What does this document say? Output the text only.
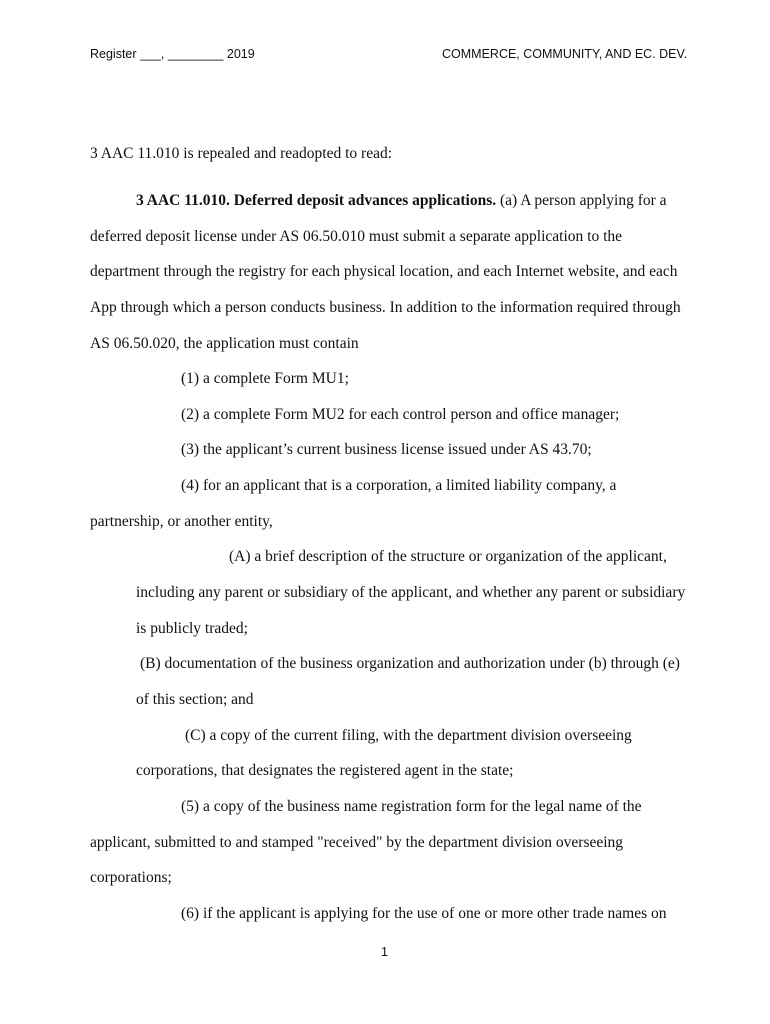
Register ___, ________ 2019	COMMERCE, COMMUNITY, AND EC. DEV.
3 AAC 11.010 is repealed and readopted to read:
3 AAC 11.010. Deferred deposit advances applications. (a) A person applying for a
deferred deposit license under AS 06.50.010 must submit a separate application to the
department through the registry for each physical location, and each Internet website, and each
App through which a person conducts business. In addition to the information required through
AS 06.50.020, the application must contain
(1) a complete Form MU1;
(2) a complete Form MU2 for each control person and office manager;
(3) the applicant’s current business license issued under AS 43.70;
(4) for an applicant that is a corporation, a limited liability company, a
partnership, or another entity,
(A) a brief description of the structure or organization of the applicant,
including any parent or subsidiary of the applicant, and whether any parent or subsidiary
is publicly traded;
(B) documentation of the business organization and authorization under (b) through (e)
of this section; and
(C) a copy of the current filing, with the department division overseeing
corporations, that designates the registered agent in the state;
(5) a copy of the business name registration form for the legal name of the
applicant, submitted to and stamped "received" by the department division overseeing
corporations;
(6) if the applicant is applying for the use of one or more other trade names on
1
